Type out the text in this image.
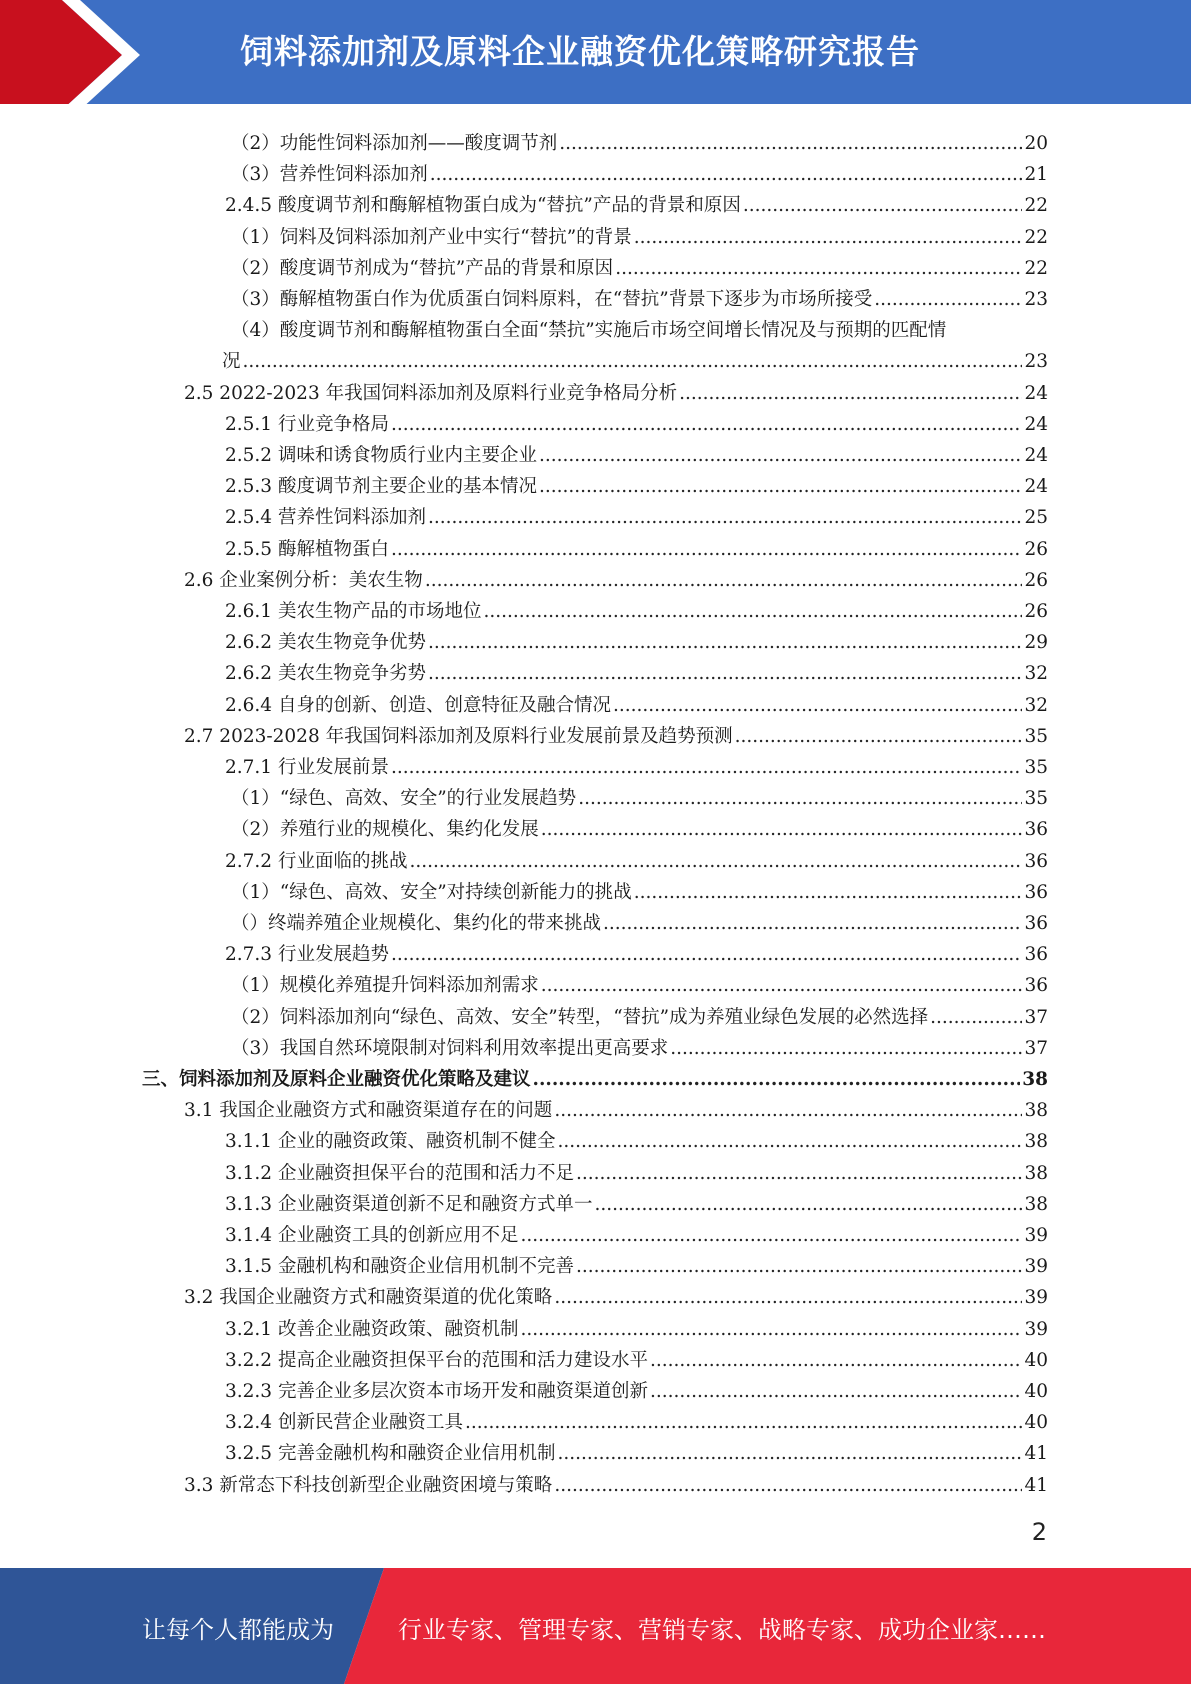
饲料添加剂及原料企业融资优化策略研究报告
（2）功能性饲料添加剂——酸度调节剂 .....	20
（3）营养性饲料添加剂 .....	21
2.4.5 酸度调节剂和酶解植物蛋白成为“替抗”产品的背景和原因 .....	22
（1）饲料及饲料添加剂产业中实行“替抗”的背景 .....	22
（2）酸度调节剂成为“替抗”产品的背景和原因 .....	22
（3）酶解植物蛋白作为优质蛋白饲料原料，在“替抗”背景下逐步为市场所接受 .....	23
（4）酸度调节剂和酶解植物蛋白全面“禁抗”实施后市场空间增长情况及与预期的匹配情
况 .....	23
2.5 2022-2023 年我国饲料添加剂及原料行业竞争格局分析 .....	24
2.5.1 行业竞争格局 .....	24
2.5.2 调味和诱食物质行业内主要企业 .....	24
2.5.3 酸度调节剂主要企业的基本情况 .....	24
2.5.4 营养性饲料添加剂 .....	25
2.5.5 酶解植物蛋白 .....	26
2.6 企业案例分析：美农生物 .....	26
2.6.1 美农生物产品的市场地位 .....	26
2.6.2 美农生物竞争优势 .....	29
2.6.2 美农生物竞争劣势 .....	32
2.6.4 自身的创新、创造、创意特征及融合情况 .....	32
2.7 2023-2028 年我国饲料添加剂及原料行业发展前景及趋势预测 .....	35
2.7.1 行业发展前景 .....	35
（1）“绿色、高效、安全”的行业发展趋势 .....	35
（2）养殖行业的规模化、集约化发展 .....	36
2.7.2 行业面临的挑战 .....	36
（1）“绿色、高效、安全”对持续创新能力的挑战 .....	36
（）终端养殖企业规模化、集约化的带来挑战 .....	36
2.7.3 行业发展趋势 .....	36
（1）规模化养殖提升饲料添加剂需求 .....	36
（2）饲料添加剂向“绿色、高效、安全”转型，“替抗”成为养殖业绿色发展的必然选择 .....	37
（3）我国自然环境限制对饲料利用效率提出更高要求 .....	37
三、饲料添加剂及原料企业融资优化策略及建议 .....	38
3.1 我国企业融资方式和融资渠道存在的问题 .....	38
3.1.1 企业的融资政策、融资机制不健全 .....	38
3.1.2 企业融资担保平台的范围和活力不足 .....	38
3.1.3 企业融资渠道创新不足和融资方式单一 .....	38
3.1.4 企业融资工具的创新应用不足 .....	39
3.1.5 金融机构和融资企业信用机制不完善 .....	39
3.2 我国企业融资方式和融资渠道的优化策略 .....	39
3.2.1 改善企业融资政策、融资机制 .....	39
3.2.2 提高企业融资担保平台的范围和活力建设水平 .....	40
3.2.3 完善企业多层次资本市场开发和融资渠道创新 .....	40
3.2.4 创新民营企业融资工具 .....	40
3.2.5 完善金融机构和融资企业信用机制 .....	41
3.3 新常态下科技创新型企业融资困境与策略 .....	41
2
让每个人都能成为	行业专家、管理专家、营销专家、战略专家、成功企业家……
